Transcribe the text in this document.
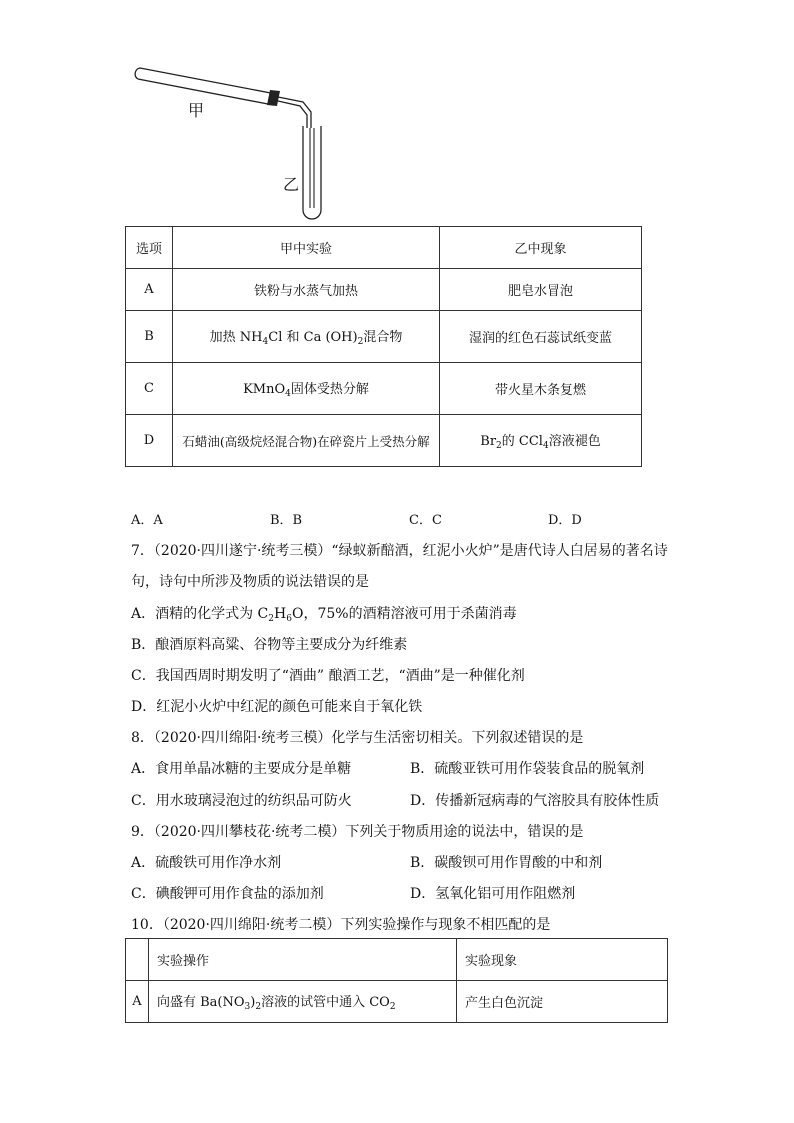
甲
乙
选项	甲中实验	乙中现象
A	铁粉与水蒸气加热	肥皂水冒泡
B	加热 $NH_4Cl$ 和 Ca $(OH)_2$混合物	湿润的红色石蕊试纸变蓝
C	KMnO$_4$固体受热分解	带火星木条复燃
D	石蜡油(高级烷烃混合物)在碎瓷片上受热分解	$Br_2$的 CCl$_4$溶液褪色
A．A	B．B	C．C	D．D
7．（2020·四川遂宁·统考三模）“绿蚁新醅酒，红泥小火炉”是唐代诗人白居易的著名诗
句，诗句中所涉及物质的说法错误的是
A．酒精的化学式为 $C_2H_6O$，75%的酒精溶液可用于杀菌消毒
B．酿酒原料高粱、谷物等主要成分为纤维素
C．我国西周时期发明了“酒曲” 酿酒工艺，“酒曲”是一种催化剂
D．红泥小火炉中红泥的颜色可能来自于氧化铁
8．（2020·四川绵阳·统考三模）化学与生活密切相关。下列叙述错误的是
A．食用单晶冰糖的主要成分是单糖	B．硫酸亚铁可用作袋装食品的脱氧剂
C．用水玻璃浸泡过的纺织品可防火	D．传播新冠病毒的气溶胶具有胶体性质
9．（2020·四川攀枝花·统考二模）下列关于物质用途的说法中，错误的是
A．硫酸铁可用作净水剂	B．碳酸钡可用作胃酸的中和剂
C．碘酸钾可用作食盐的添加剂	D．氢氧化铝可用作阻燃剂
10．（2020·四川绵阳·统考二模）下列实验操作与现象不相匹配的是
	实验操作	实验现象
A	向盛有 $Ba(NO_3)_2$溶液的试管中通入 $CO_2$	产生白色沉淀
